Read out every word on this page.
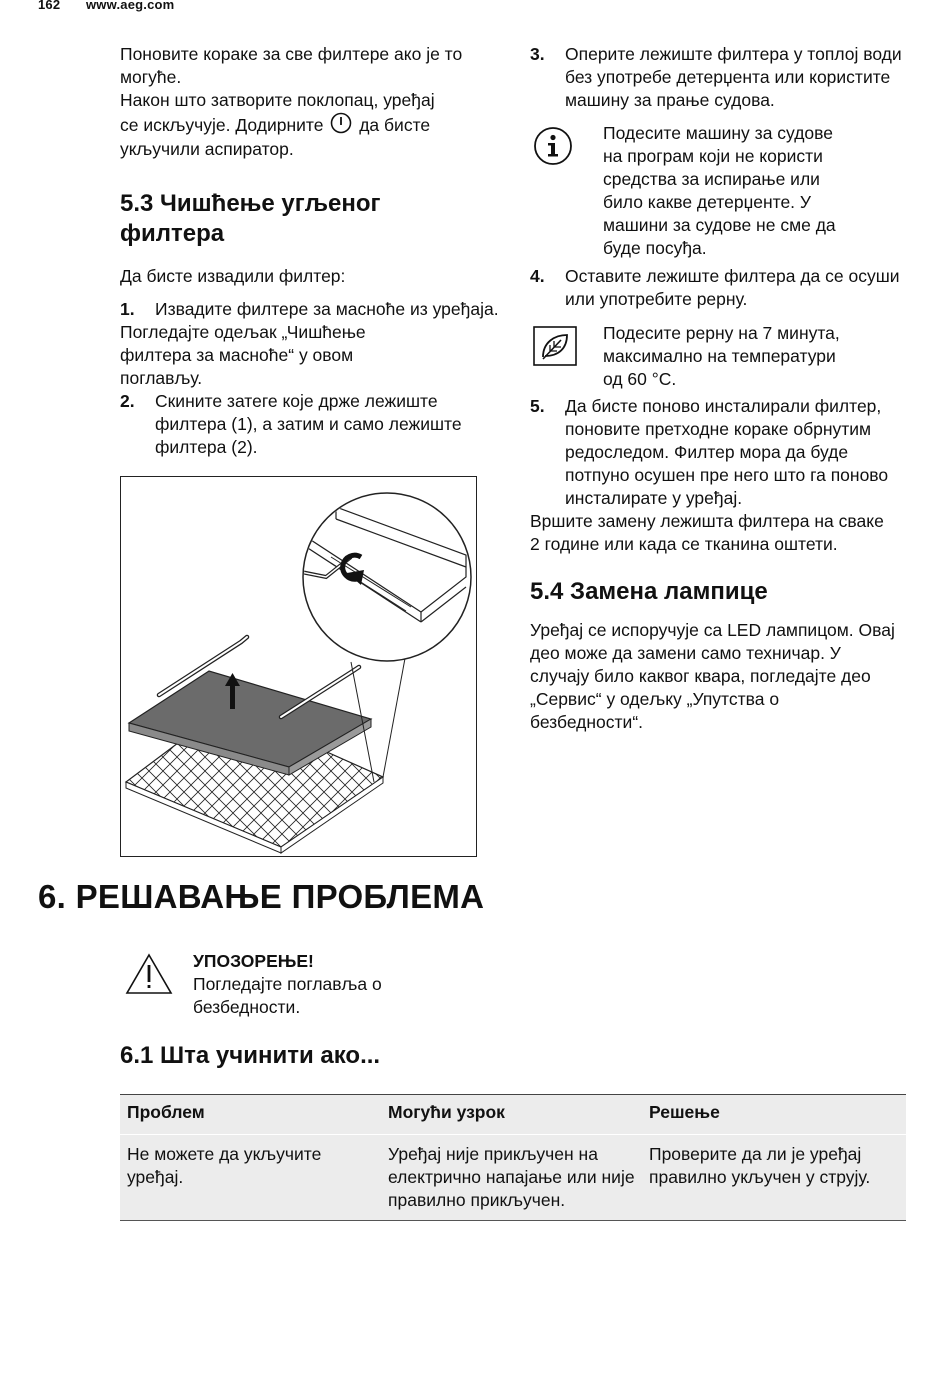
162 www.aeg.com

Поновите кораке за све филтере ако је то могуће.

Након што затворите поклопац, уређај

се искључује. Додирните да бисте

укључили аспиратор.

5.3 Чишћење угљеног филтера

Да бисте извадили филтер:

1. Извадите филтере за масноће из уређаја.

Погледајте одељак „Чишћење филтера за масноће“ у овом поглављу.

2. Скините затеге које држе лежиште филтера (1), а затим и само лежиште филтера (2).
3. Оперите лежиште филтера у топлој води без употребе детерџента или користите машину за прање судова.

Подесите машину за судове на програм који не користи средства за испирање или било какве детерџенте. У машини за судове не сме да буде посуђа.

4. Оставите лежиште филтера да се осуши или употребите рерну.

Подесите рерну на 7 минута, максимално на температури од 60 °C.

5. Да бисте поново инсталирали филтер, поновите претходне кораке обрнутим редоследом. Филтер мора да буде потпуно осушен пре него што га поново инсталирате у уређај.

Вршите замену лежишта филтера на сваке 2 године или када се тканина оштети.

5.4 Замена лампице

Уређај се испоручује са LED лампицом. Овај део може да замени само техничар. У случају било каквог квара, погледајте део „Сервис“ у одељку „Упутства о безбедности“.

6. РЕШАВАЊЕ ПРОБЛЕМА

УПОЗОРЕЊЕ!

Погледајте поглавља о безбедности.

6.1 Шта учинити ако...
Проблем	Могући узрок	Решење
Не можете да укључите уређај.	Уређај није прикључен на електрично напајање или није правилно прикључен.	Проверите да ли је уређај правилно укључен у струју.
